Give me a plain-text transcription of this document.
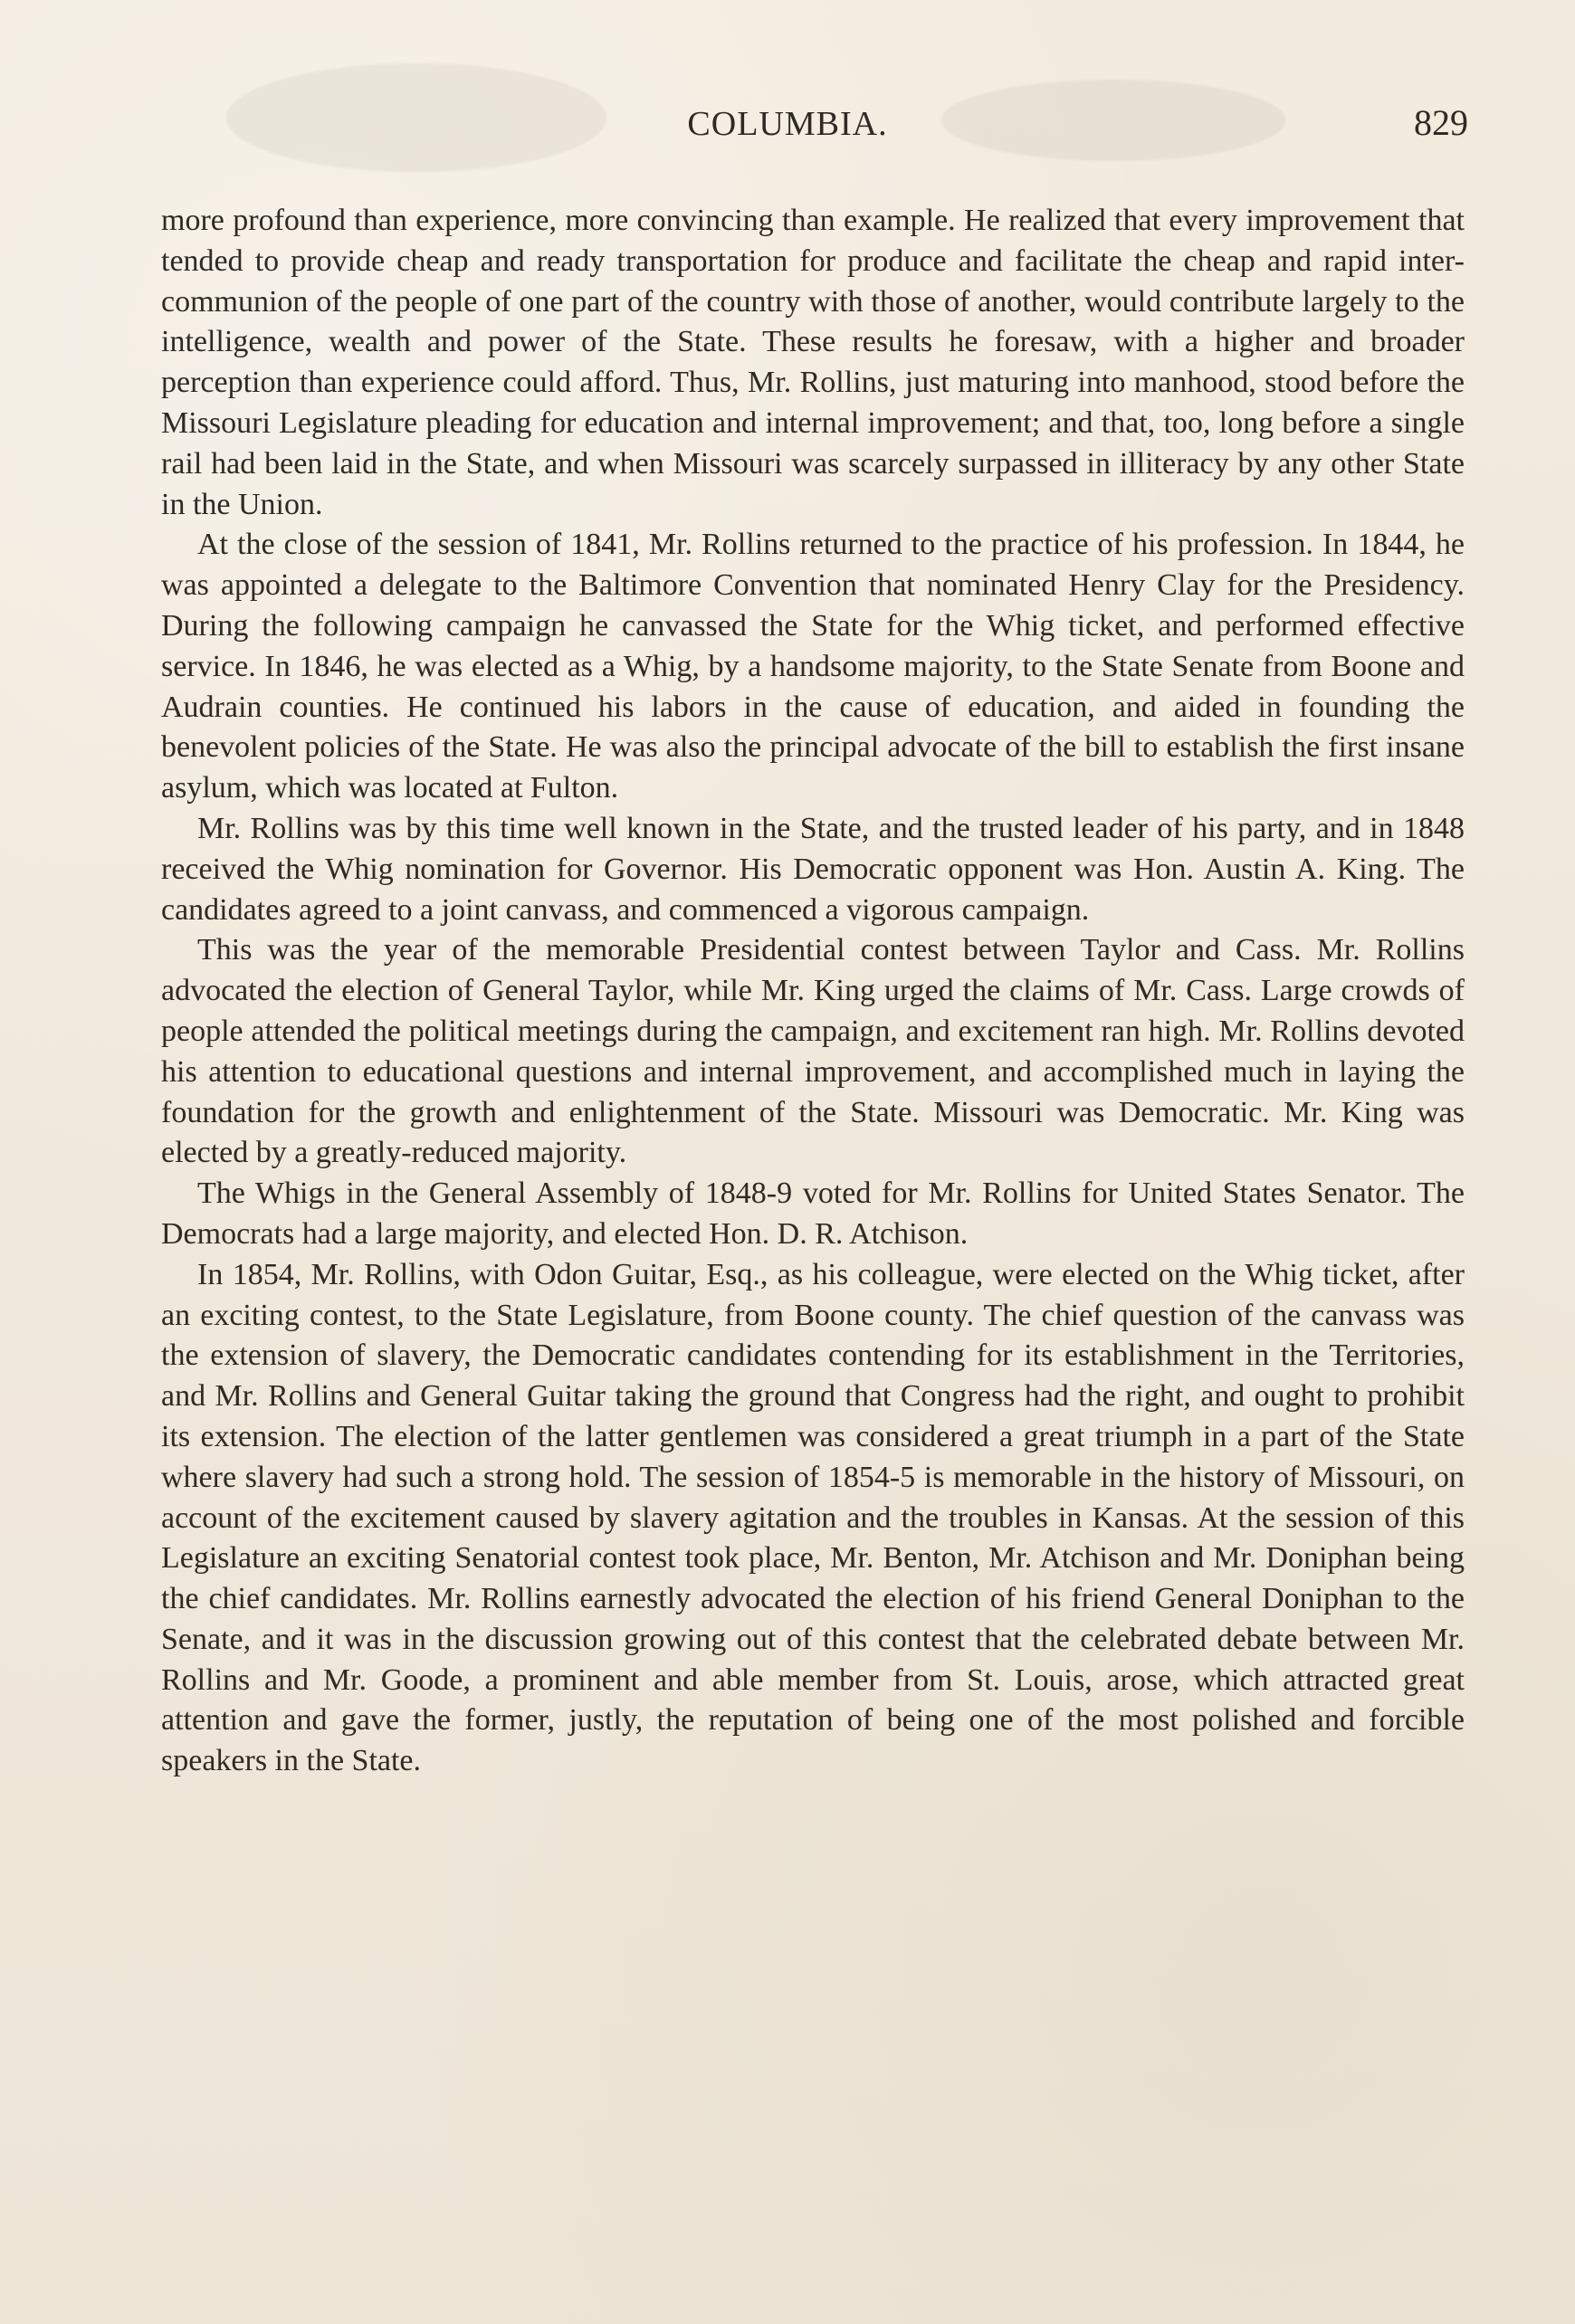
COLUMBIA.	829

more profound than experience, more convincing than example. He realized that every improvement that tended to provide cheap and ready transportation for produce and facilitate the cheap and rapid inter-communion of the people of one part of the country with those of another, would contribute largely to the intelligence, wealth and power of the State. These results he foresaw, with a higher and broader perception than experience could afford. Thus, Mr. Rollins, just maturing into manhood, stood before the Missouri Legislature pleading for education and internal improvement; and that, too, long before a single rail had been laid in the State, and when Missouri was scarcely surpassed in illiteracy by any other State in the Union.

At the close of the session of 1841, Mr. Rollins returned to the practice of his profession. In 1844, he was appointed a delegate to the Baltimore Convention that nominated Henry Clay for the Presidency. During the following campaign he canvassed the State for the Whig ticket, and performed effective service. In 1846, he was elected as a Whig, by a handsome majority, to the State Senate from Boone and Audrain counties. He continued his labors in the cause of education, and aided in founding the benevolent policies of the State. He was also the principal advocate of the bill to establish the first insane asylum, which was located at Fulton.

Mr. Rollins was by this time well known in the State, and the trusted leader of his party, and in 1848 received the Whig nomination for Governor. His Democratic opponent was Hon. Austin A. King. The candidates agreed to a joint canvass, and commenced a vigorous campaign.

This was the year of the memorable Presidential contest between Taylor and Cass. Mr. Rollins advocated the election of General Taylor, while Mr. King urged the claims of Mr. Cass. Large crowds of people attended the political meetings during the campaign, and excitement ran high. Mr. Rollins devoted his attention to educational questions and internal improvement, and accomplished much in laying the foundation for the growth and enlightenment of the State. Missouri was Democratic. Mr. King was elected by a greatly-reduced majority.

The Whigs in the General Assembly of 1848-9 voted for Mr. Rollins for United States Senator. The Democrats had a large majority, and elected Hon. D. R. Atchison.

In 1854, Mr. Rollins, with Odon Guitar, Esq., as his colleague, were elected on the Whig ticket, after an exciting contest, to the State Legislature, from Boone county. The chief question of the canvass was the extension of slavery, the Democratic candidates contending for its establishment in the Territories, and Mr. Rollins and General Guitar taking the ground that Congress had the right, and ought to prohibit its extension. The election of the latter gentlemen was considered a great triumph in a part of the State where slavery had such a strong hold. The session of 1854-5 is memorable in the history of Missouri, on account of the excitement caused by slavery agitation and the troubles in Kansas. At the session of this Legislature an exciting Senatorial contest took place, Mr. Benton, Mr. Atchison and Mr. Doniphan being the chief candidates. Mr. Rollins earnestly advocated the election of his friend General Doniphan to the Senate, and it was in the discussion growing out of this contest that the celebrated debate between Mr. Rollins and Mr. Goode, a prominent and able member from St. Louis, arose, which attracted great attention and gave the former, justly, the reputation of being one of the most polished and forcible speakers in the State.
